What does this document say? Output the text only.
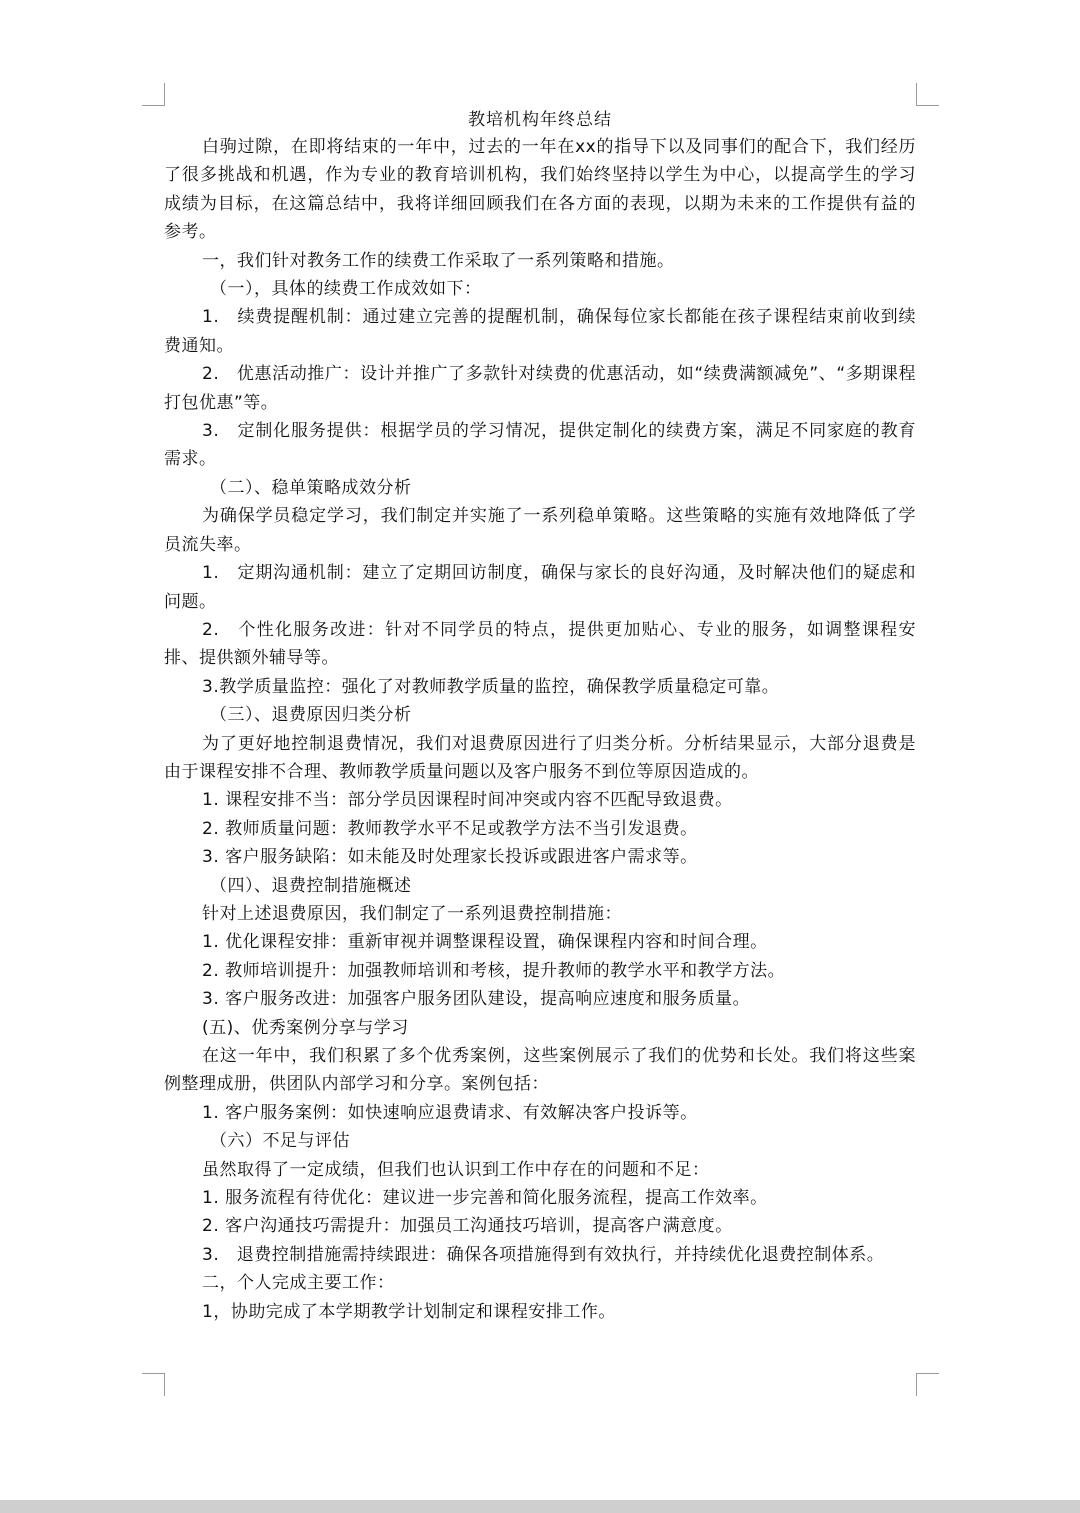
教培机构年终总结

白驹过隙，在即将结束的一年中，过去的一年在xx的指导下以及同事们的配合下，我们经历了很多挑战和机遇，作为专业的教育培训机构，我们始终坚持以学生为中心，以提高学生的学习成绩为目标，在这篇总结中，我将详细回顾我们在各方面的表现，以期为未来的工作提供有益的参考。

一，我们针对教务工作的续费工作采取了一系列策略和措施。

（一），具体的续费工作成效如下：

1.　续费提醒机制：通过建立完善的提醒机制，确保每位家长都能在孩子课程结束前收到续费通知。

2.　优惠活动推广：设计并推广了多款针对续费的优惠活动，如“续费满额减免”、“多期课程打包优惠”等。

3.　定制化服务提供：根据学员的学习情况，提供定制化的续费方案，满足不同家庭的教育需求。

（二）、稳单策略成效分析

为确保学员稳定学习，我们制定并实施了一系列稳单策略。这些策略的实施有效地降低了学员流失率。

1.　定期沟通机制：建立了定期回访制度，确保与家长的良好沟通，及时解决他们的疑虑和问题。

2.　个性化服务改进：针对不同学员的特点，提供更加贴心、专业的服务，如调整课程安排、提供额外辅导等。

3.教学质量监控：强化了对教师教学质量的监控，确保教学质量稳定可靠。

（三）、退费原因归类分析

为了更好地控制退费情况，我们对退费原因进行了归类分析。分析结果显示，大部分退费是由于课程安排不合理、教师教学质量问题以及客户服务不到位等原因造成的。

1. 课程安排不当：部分学员因课程时间冲突或内容不匹配导致退费。

2. 教师质量问题：教师教学水平不足或教学方法不当引发退费。

3. 客户服务缺陷：如未能及时处理家长投诉或跟进客户需求等。

（四）、退费控制措施概述

针对上述退费原因，我们制定了一系列退费控制措施：

1. 优化课程安排：重新审视并调整课程设置，确保课程内容和时间合理。

2. 教师培训提升：加强教师培训和考核，提升教师的教学水平和教学方法。

3. 客户服务改进：加强客户服务团队建设，提高响应速度和服务质量。

(五)、优秀案例分享与学习

在这一年中，我们积累了多个优秀案例，这些案例展示了我们的优势和长处。我们将这些案例整理成册，供团队内部学习和分享。案例包括：

1. 客户服务案例：如快速响应退费请求、有效解决客户投诉等。

（六）不足与评估

虽然取得了一定成绩，但我们也认识到工作中存在的问题和不足：

1. 服务流程有待优化：建议进一步完善和简化服务流程，提高工作效率。

2. 客户沟通技巧需提升：加强员工沟通技巧培训，提高客户满意度。

3.　退费控制措施需持续跟进：确保各项措施得到有效执行，并持续优化退费控制体系。

二，个人完成主要工作：

1，协助完成了本学期教学计划制定和课程安排工作。
